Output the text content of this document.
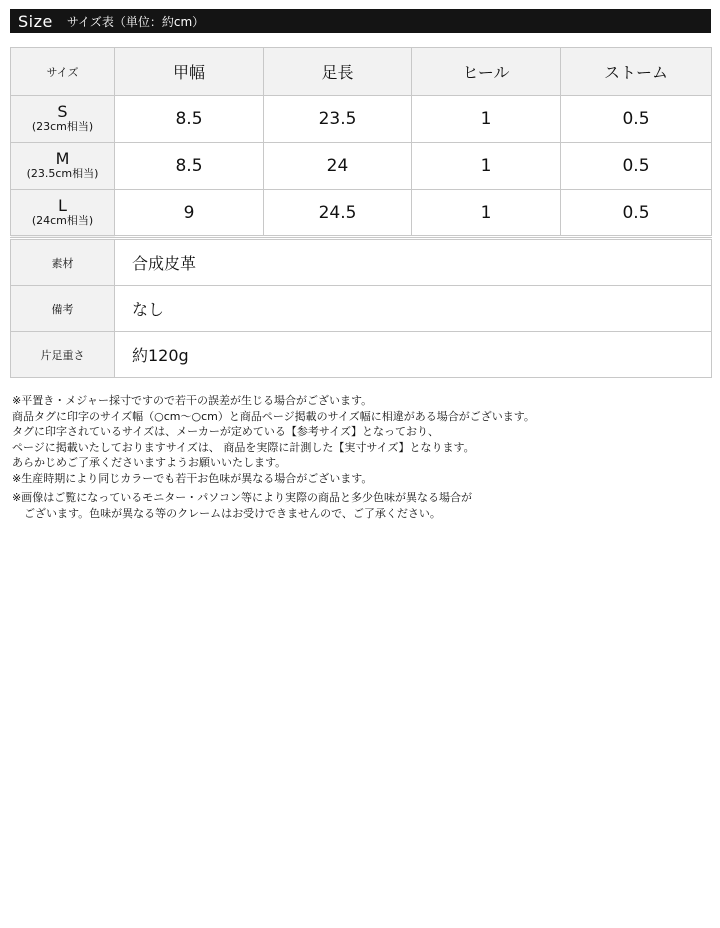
Size サイズ表（単位：約cm）
サイズ	甲幅	足長	ヒール	ストーム

S
(23cm相当)	8.5	23.5	1	0.5

M
(23.5cm相当)	8.5	24	1	0.5

L
(24cm相当)	9	24.5	1	0.5
素材	合成皮革
備考	なし
片足重さ	約120g

※平置き・メジャー採寸ですので若干の誤差が生じる場合がございます。

商品タグに印字のサイズ幅（○cm〜○cm）と商品ページ掲載のサイズ幅に相違がある場合がございます。

タグに印字されているサイズは、メーカーが定めている【参考サイズ】となっており、

ページに掲載いたしておりますサイズは、 商品を実際に計測した【実寸サイズ】となります。

あらかじめご了承くださいますようお願いいたします。

※生産時期により同じカラーでも若干お色味が異なる場合がございます。

※画像はご覧になっているモニター・パソコン等により実際の商品と多少色味が異なる場合が

ございます。色味が異なる等のクレームはお受けできませんので、ご了承ください。
